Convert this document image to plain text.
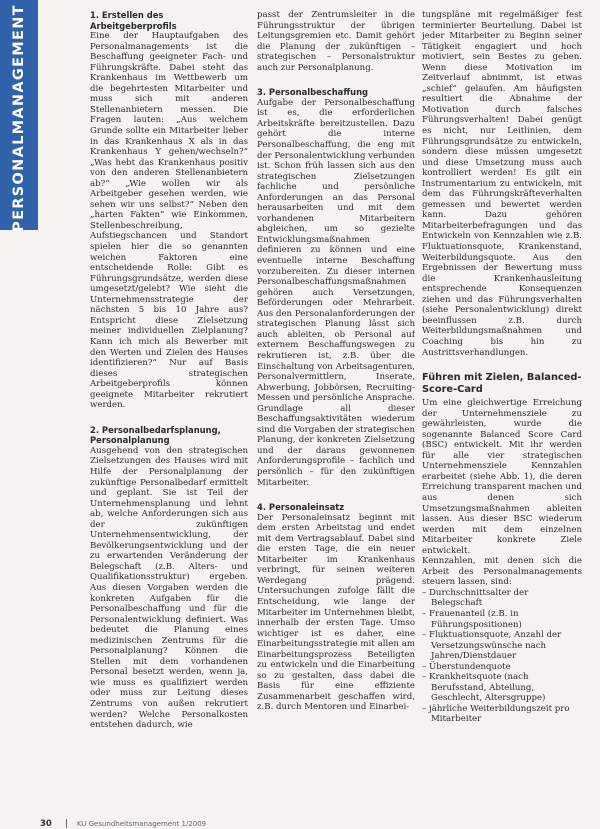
PERSONALMANAGEMENT	1. Erstellen des Arbeitgeberprofils

Eine der Hauptaufgaben des Personalmanagements ist die Beschaffung geeigneter Fach- und Führungskräfte. Dabei steht das Krankenhaus im Wettbewerb um die begehrtesten Mitarbeiter und muss sich mit anderen Stellenanbietern messen. Die Fragen lauten: „Aus welchem Grunde sollte ein Mitarbeiter lieber in das Krankenhaus X als in das Krankenhaus Y gehen/wechseln?“ „Was hebt das Krankenhaus positiv von den anderen Stellenanbietern ab?“ „Wie wollen wir als Arbeitgeber gesehen werden, wie sehen wir uns selbst?“ Neben den „harten Fakten“ wie Einkommen, Stellenbeschreibung, Aufstiegschancen und Standort spielen hier die so genannten weichen Faktoren eine entscheidende Rolle: Gibt es Führungsgrundsätze, werden diese umgesetzt/gelebt? Wie sieht die Unternehmensstrategie der nächsten 5 bis 10 Jahre aus? Entspricht diese Zielsetzung meiner individuellen Zielplanung? Kann ich mich als Bewerber mit den Werten und Zielen des Hauses identifizieren?“ Nur auf Basis dieses strategischen Arbeitgeberprofils können geeignete Mitarbeiter rekrutiert werden.

2. Personalbedarfsplanung, Personalplanung

Ausgehend von den strategischen Zielsetzungen des Hauses wird mit Hilfe der Personalplanung der zukünftige Personalbedarf ermittelt und geplant. Sie ist Teil der Unternehmensplanung und lehnt ab, welche Anforderungen sich aus der zukünftigen Unternehmensentwicklung, der Bevölkerungsentwicklung und der zu erwartenden Veränderung der Belegschaft (z.B. Alters- und Qualifikationsstruktur) ergeben. Aus diesen Vorgaben werden die konkreten Aufgaben für die Personalbeschaffung und für die Personalentwicklung definiert. Was bedeutet die Planung eines medizinischen Zentrums für die Personalplanung? Können die Stellen mit dem vorhandenen Personal besetzt werden, wenn ja, wie muss es qualifiziert werden oder muss zur Leitung dieses Zentrums von außen rekrutiert werden? Welche Personalkosten entstehen dadurch, wie

passt der Zentrumsleiter in die Führungsstruktur der übrigen Leitungsgremien etc. Damit gehört die Planung der zukünftigen – strategischen – Personalstruktur auch zur Personalplanung.

3. Personalbeschaffung

Aufgabe der Personalbeschaffung ist es, die erforderlichen Arbeitskräfte bereitzustellen. Dazu gehört die interne Personalbeschaffung, die eng mit der Personalentwicklung verbunden ist. Schon früh lassen sich aus den strategischen Zielsetzungen fachliche und persönliche Anforderungen an das Personal herausarbeiten und mit dem vorhandenen Mitarbeitern abgleichen, um so gezielte Entwicklungsmaßnahmen definieren zu können und eine eventuelle interne Beschaffung vorzubereiten. Zu dieser internen Personalbeschaffungsmaßnahmen gehören auch Versetzungen, Beförderungen oder Mehrarbeit. Aus den Personalanforderungen der strategischen Planung lässt sich auch ableiten, ob Personal auf externem Beschaffungswegen zu rekrutieren ist, z.B. über die Einschaltung von Arbeitsagenturen, Personalvermittlern, Inserate, Abwerbung, Jobbörsen, Recruiting-Messen und persönliche Ansprache. Grundlage all dieser Beschaffungsaktivitäten wiederum sind die Vorgaben der strategischen Planung, der konkreten Zielsetzung und der daraus gewonnenen Anforderungsprofile – fachlich und persönlich – für den zukünftigen Mitarbeiter.

4. Personaleinsatz

Der Personaleinsatz beginnt mit dem ersten Arbeitstag und endet mit dem Vertragsablauf. Dabei sind die ersten Tage, die ein neuer Mitarbeiter im Krankenhaus verbringt, für seinen weiteren Werdegang prägend. Untersuchungen zufolge fällt die Entscheidung, wie lange der Mitarbeiter im Unternehmen bleibt, innerhalb der ersten Tage. Umso wichtiger ist es daher, eine Einarbeitungsstrategie mit allen am Einarbeitungsprozess Beteiligten zu entwickeln und die Einarbeitung so zu gestalten, dass dabei die Basis für eine effiziente Zusammenarbeit geschaffen wird, z.B. durch Mentoren und Einarbei-

tungspläne mit regelmäßiger fest terminierter Beurteilung. Dabei ist jeder Mitarbeiter zu Beginn seiner Tätigkeit engagiert und hoch motiviert, sein Bestes zu geben. Wenn diese Motivation im Zeitverlauf abnimmt, ist etwas „schief“ gelaufen. Am häufigsten resultiert die Abnahme der Motivation durch falsches Führungsverhalten! Dabei genügt es nicht, nur Leitlinien, dem Führungsgrundsätze zu entwickeln, sondern diese müssen umgesetzt und diese Umsetzung muss auch kontrolliert werden! Es gilt ein Instrumentarium zu entwickeln, mit dem das Führungskräfteverhalten gemessen und bewertet werden kann. Dazu gehören Mitarbeiterbefragungen und das Entwickeln von Kennzahlen wie z.B. Fluktuationsquote, Krankenstand, Weiterbildungsquote. Aus den Ergebnissen der Bewertung muss die Krankenhausleitung entsprechende Konsequenzen ziehen und das Führungsverhalten (siehe Personalentwicklung) direkt beeinflussen z.B. durch Weiterbildungsmaßnahmen und Coaching bis hin zu Austrittsverhandlungen.

Führen mit Zielen, Balanced-Score-Card

Um eine gleichwertige Erreichung der Unternehmensziele zu gewährleisten, wurde die sogenannte Balanced Score Card (BSC) entwickelt. Mit ihr werden für alle vier strategischen Unternehmensziele Kennzahlen erarbeitet (siehe Abb. 1), die deren Erreichung transparent machen und aus denen sich Umsetzungsmaßnahmen ableiten lassen. Aus dieser BSC wiederum werden mit dem einzelnen Mitarbeiter konkrete Ziele entwickelt.

Kennzahlen, mit denen sich die Arbeit des Personalmanagements steuern lassen, sind:

– Durchschnittsalter der Belegschaft
– Frauenanteil (z.B. in Führungspositionen)
– Fluktuationsquote, Anzahl der Versetzungswünsche nach Jahren/Dienstdauer
– Überstundenquote
– Krankheitsquote (nach Berufsstand, Abteilung, Geschlecht, Altersgruppe)
– jährliche Weiterbildungszeit pro Mitarbeiter
30	KU Gesundheitsmanagement 1/2009
